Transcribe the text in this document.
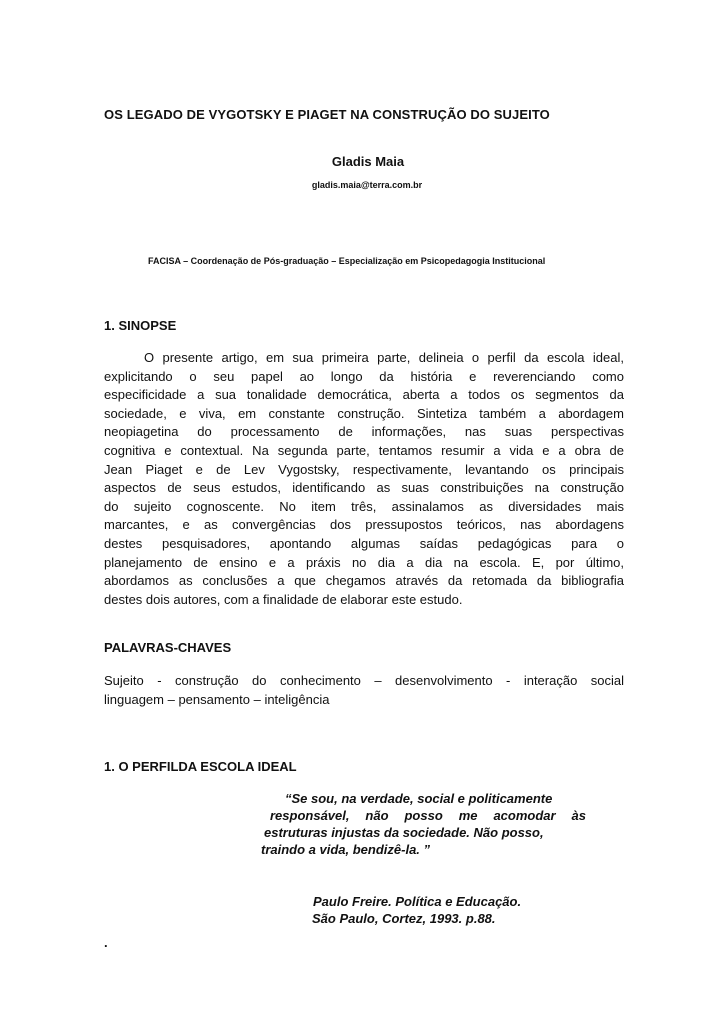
OS LEGADO DE VYGOTSKY E PIAGET NA CONSTRUÇÃO DO SUJEITO
Gladis Maia
gladis.maia@terra.com.br
FACISA – Coordenação de Pós-graduação – Especialização em Psicopedagogia Institucional
1. SINOPSE
O presente artigo, em sua primeira parte, delineia o perfil da escola ideal,
explicitando o seu papel ao longo da história e reverenciando como
especificidade a sua tonalidade democrática, aberta a todos os segmentos da
sociedade, e viva, em constante construção. Sintetiza também a abordagem
neopiagetina do processamento de informações, nas suas perspectivas
cognitiva e contextual. Na segunda parte, tentamos resumir a vida e a obra de
Jean Piaget e de Lev Vygostsky, respectivamente, levantando os principais
aspectos de seus estudos, identificando as suas constribuições na construção
do sujeito cognoscente. No item três, assinalamos as diversidades mais
marcantes, e as convergências dos pressupostos teóricos, nas abordagens
destes pesquisadores, apontando algumas saídas pedagógicas para o
planejamento de ensino e a práxis no dia a dia na escola. E, por último,
abordamos as conclusões a que chegamos através da retomada da bibliografia
destes dois autores, com a finalidade de elaborar este estudo.
PALAVRAS-CHAVES
Sujeito - construção do conhecimento – desenvolvimento - interação social
linguagem – pensamento – inteligência
1. O PERFILDA ESCOLA IDEAL
“Se sou, na verdade, social e politicamente
responsável, não posso me acomodar às
estruturas injustas da sociedade. Não posso,
traindo a vida, bendizê-la. ”
Paulo Freire. Política e Educação.
São Paulo, Cortez, 1993. p.88.
.
